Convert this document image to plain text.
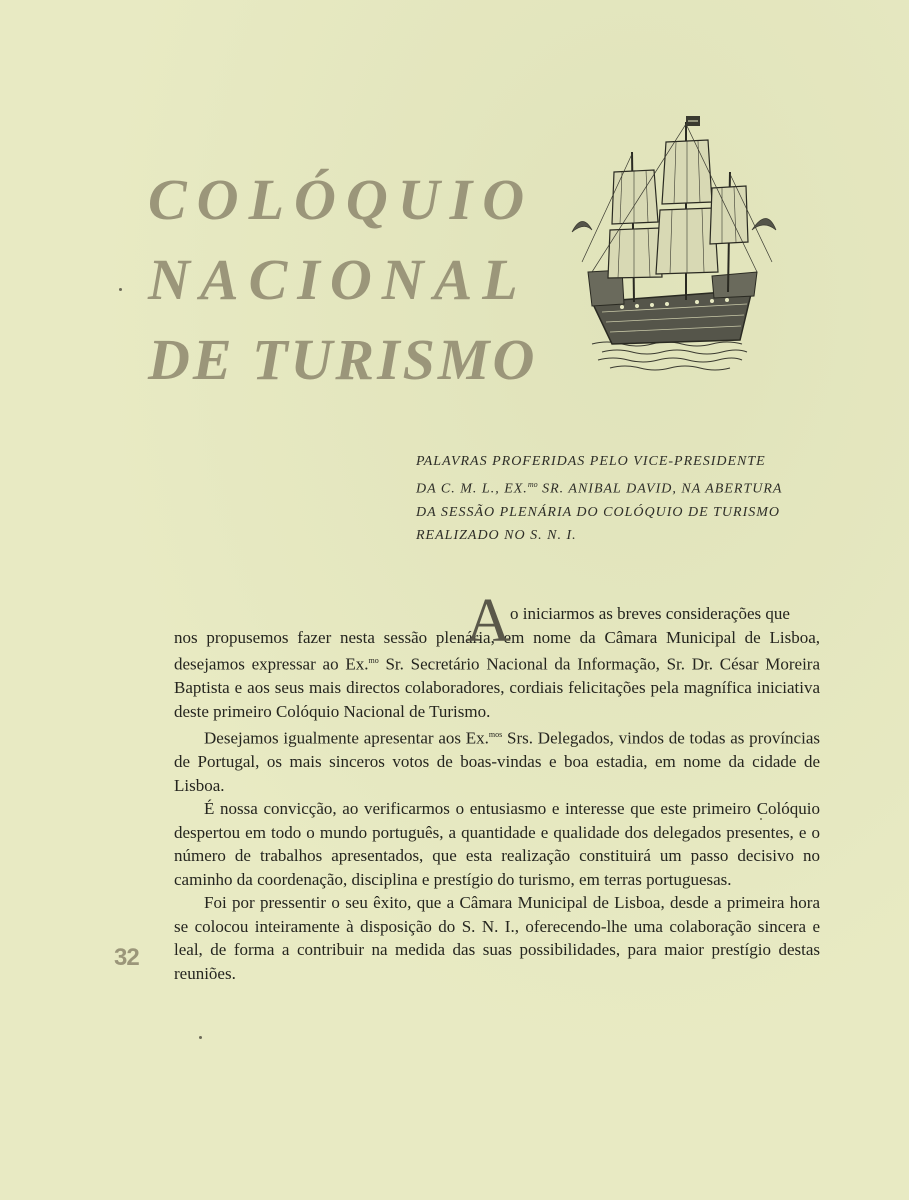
COLÓQUIO
NACIONAL
DE TURISMO
PALAVRAS PROFERIDAS PELO VICE-PRESIDENTE
DA C. M. L., EX.$^{mo}$ SR. ANIBAL DAVID, NA ABERTURA
DA SESSÃO PLENÁRIA DO COLÓQUIO DE TURISMO
REALIZADO NO S. N. I.

A o iniciarmos as breves considerações que
nos propusemos fazer nesta sessão plenária, em nome da Câmara Municipal de Lisboa, desejamos expressar ao Ex.$^{mo}$ Sr. Secretário Nacional da Informação, Sr. Dr. César Moreira Baptista e aos seus mais directos colaboradores, cordiais felicitações pela magnífica iniciativa deste primeiro Colóquio Nacional de Turismo.

Desejamos igualmente apresentar aos Ex.$^{mos}$ Srs. Delegados, vindos de todas as províncias de Portugal, os mais sinceros votos de boas-vindas e boa estadia, em nome da cidade de Lisboa.

É nossa convicção, ao verificarmos o entusiasmo e interesse que este primeiro Colóquio despertou em todo o mundo português, a quantidade e qualidade dos delegados presentes, e o número de trabalhos apresentados, que esta realização constituirá um passo decisivo no caminho da coordenação, disciplina e prestígio do turismo, em terras portuguesas.

Foi por pressentir o seu êxito, que a Câmara Municipal de Lisboa, desde a primeira hora se colocou inteiramente à disposição do S. N. I., oferecendo-lhe uma colaboração sincera e leal, de forma a contribuir na medida das suas possibilidades, para maior prestígio destas reuniões.

32
